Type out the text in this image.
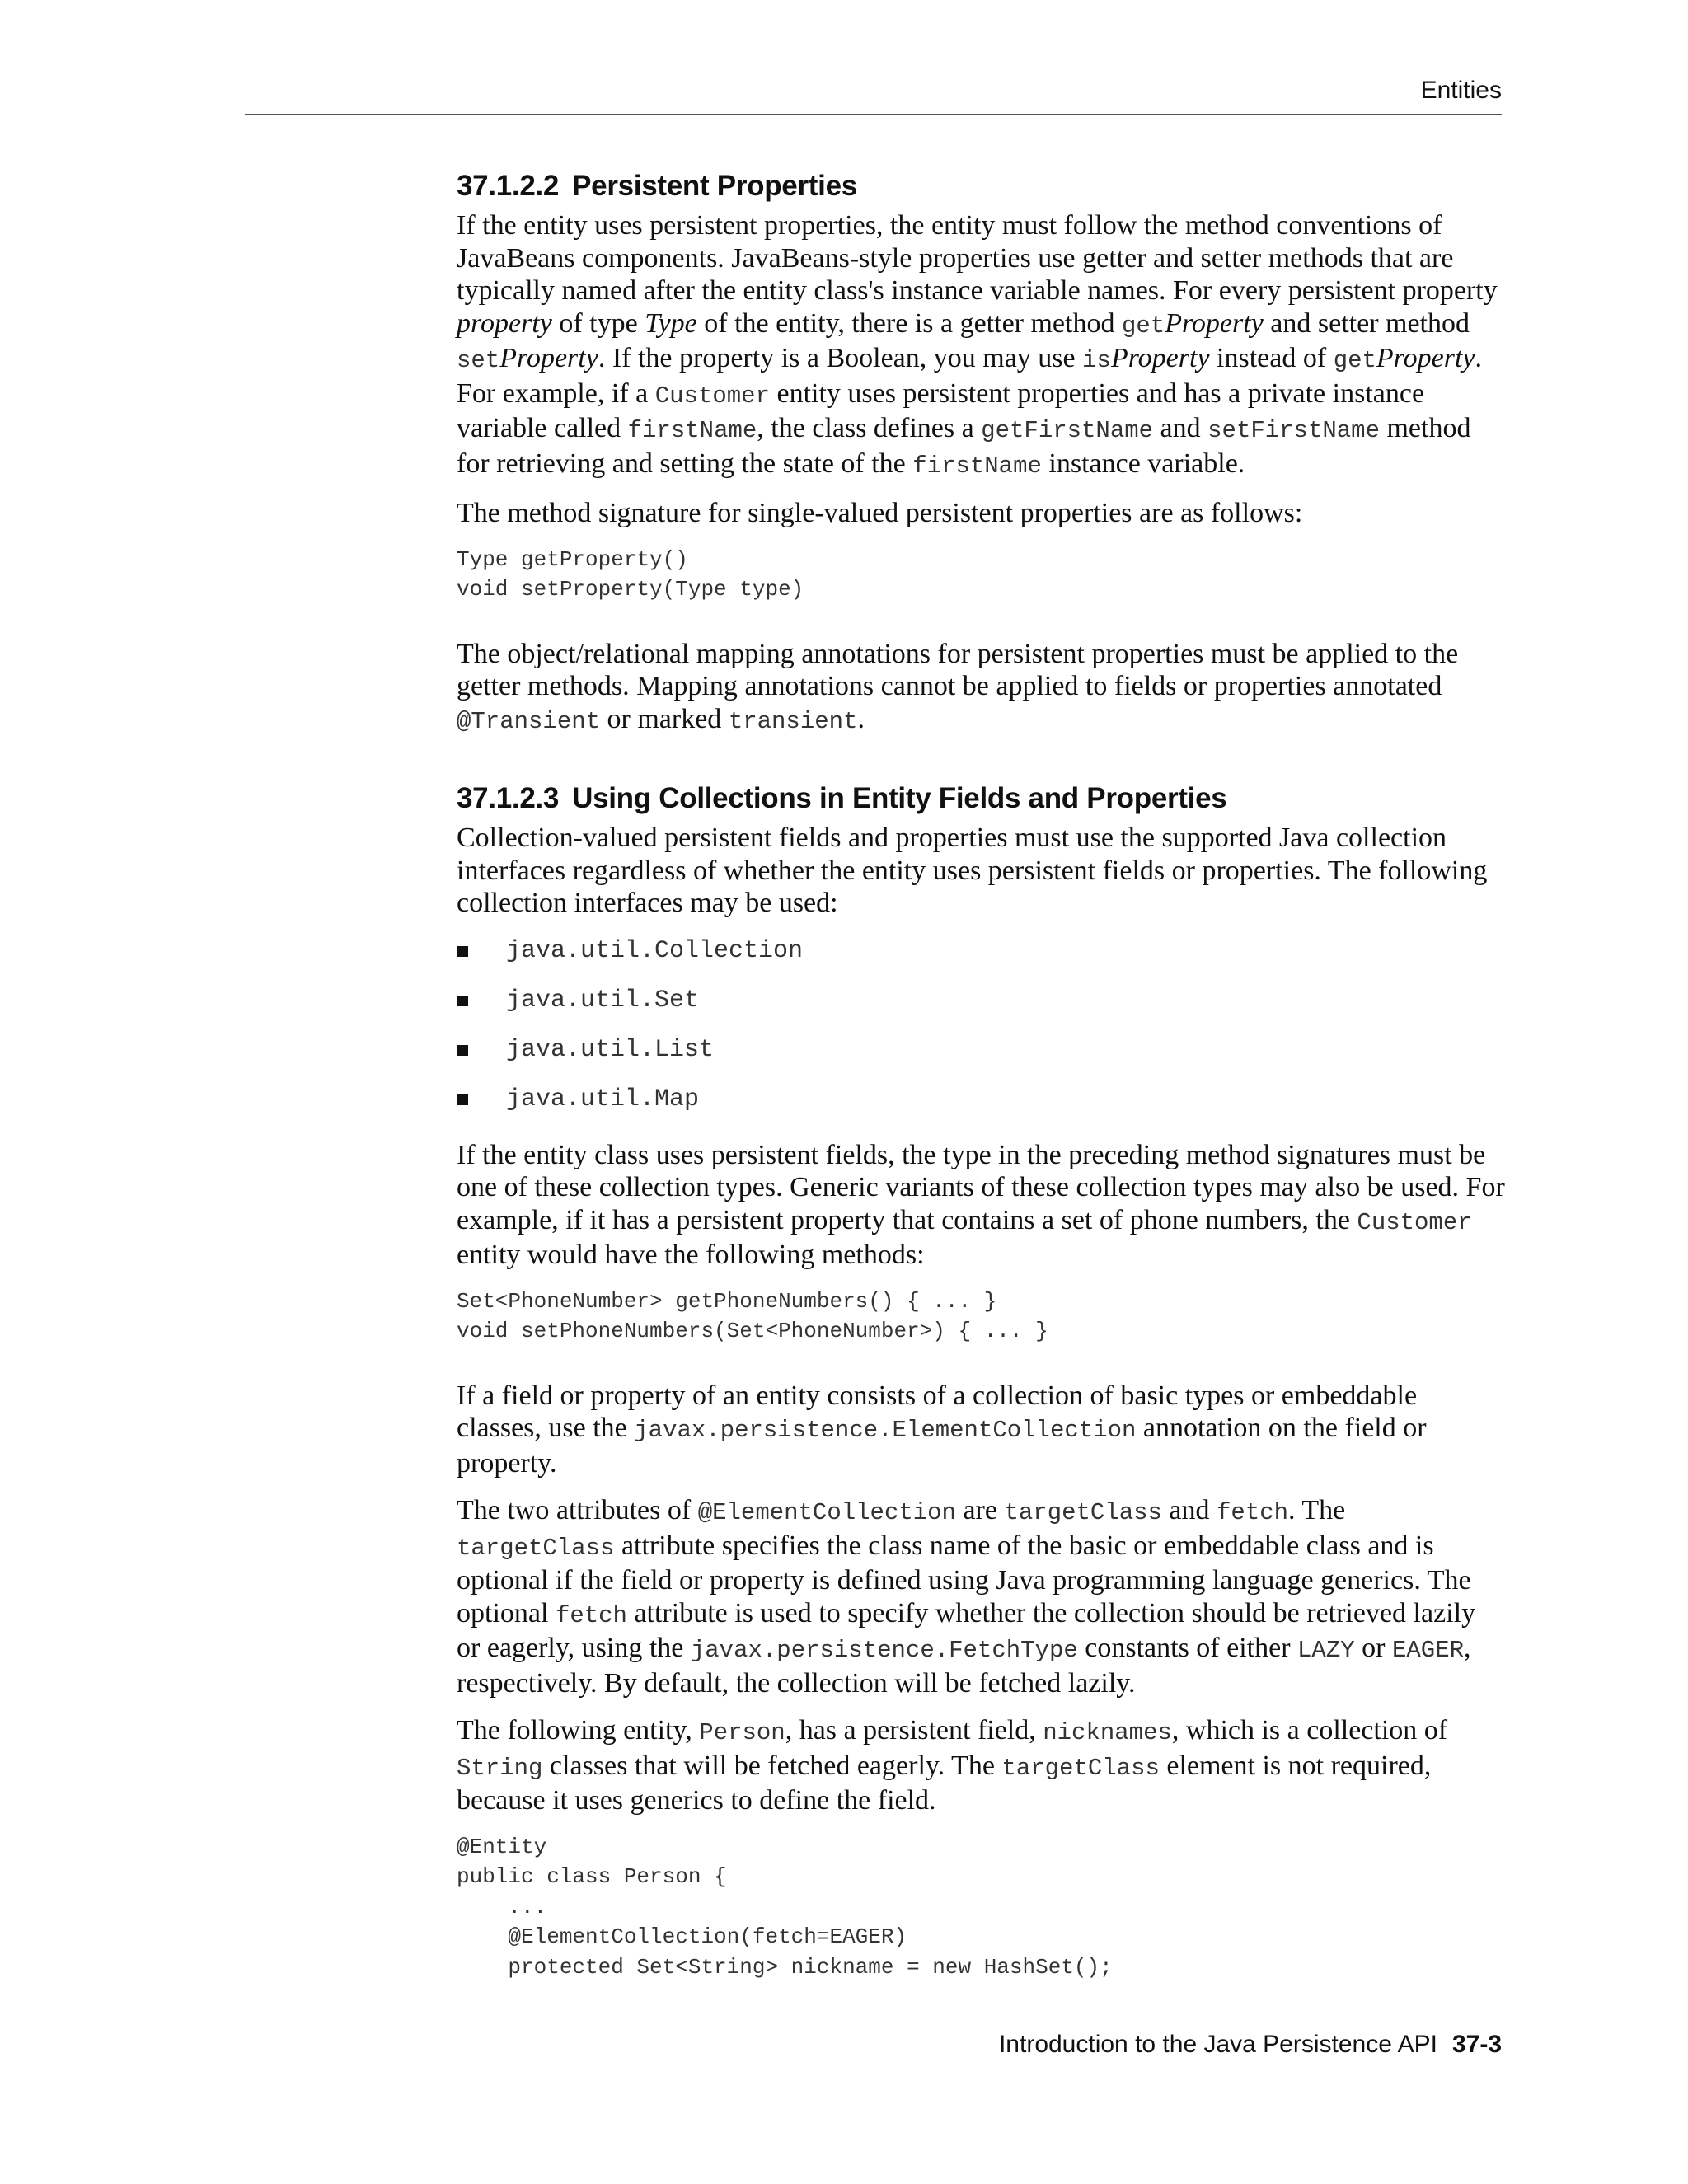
Entities
37.1.2.2 Persistent Properties

If the entity uses persistent properties, the entity must follow the method conventions of JavaBeans components. JavaBeans-style properties use getter and setter methods that are typically named after the entity class's instance variable names. For every persistent property property of type Type of the entity, there is a getter method getProperty and setter method setProperty. If the property is a Boolean, you may use isProperty instead of getProperty. For example, if a Customer entity uses persistent properties and has a private instance variable called firstName, the class defines a getFirstName and setFirstName method for retrieving and setting the state of the firstName instance variable.

The method signature for single-valued persistent properties are as follows:

Type getProperty()
void setProperty(Type type)

The object/relational mapping annotations for persistent properties must be applied to the getter methods. Mapping annotations cannot be applied to fields or properties annotated @Transient or marked transient.

37.1.2.3 Using Collections in Entity Fields and Properties

Collection-valued persistent fields and properties must use the supported Java collection interfaces regardless of whether the entity uses persistent fields or properties. The following collection interfaces may be used:

java.util.Collection
java.util.Set
java.util.List
java.util.Map

If the entity class uses persistent fields, the type in the preceding method signatures must be one of these collection types. Generic variants of these collection types may also be used. For example, if it has a persistent property that contains a set of phone numbers, the Customer entity would have the following methods:

Set<PhoneNumber> getPhoneNumbers() { ... }
void setPhoneNumbers(Set<PhoneNumber>) { ... }

If a field or property of an entity consists of a collection of basic types or embeddable classes, use the javax.persistence.ElementCollection annotation on the field or property.

The two attributes of @ElementCollection are targetClass and fetch. The targetClass attribute specifies the class name of the basic or embeddable class and is optional if the field or property is defined using Java programming language generics. The optional fetch attribute is used to specify whether the collection should be retrieved lazily or eagerly, using the javax.persistence.FetchType constants of either LAZY or EAGER, respectively. By default, the collection will be fetched lazily.

The following entity, Person, has a persistent field, nicknames, which is a collection of String classes that will be fetched eagerly. The targetClass element is not required, because it uses generics to define the field.

@Entity
public class Person {
...
@ElementCollection(fetch=EAGER)
protected Set<String> nickname = new HashSet();
Introduction to the Java Persistence API 37-3
